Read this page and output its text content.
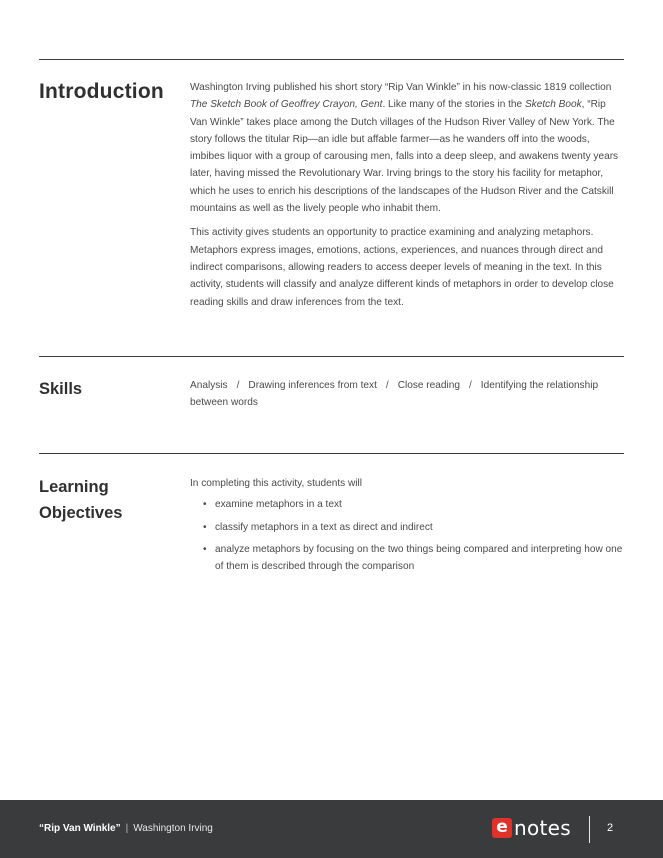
Introduction	Washington Irving published his short story “Rip Van Winkle” in his now-classic 1819 collection The Sketch Book of Geoffrey Crayon, Gent. Like many of the stories in the Sketch Book, “Rip Van Winkle” takes place among the Dutch villages of the Hudson River Valley of New York. The story follows the titular Rip—an idle but affable farmer—as he wanders off into the woods, imbibes liquor with a group of carousing men, falls into a deep sleep, and awakens twenty years later, having missed the Revolutionary War. Irving brings to the story his facility for metaphor, which he uses to enrich his descriptions of the landscapes of the Hudson River and the Catskill mountains as well as the lively people who inhabit them.

This activity gives students an opportunity to practice examining and analyzing metaphors. Metaphors express images, emotions, actions, experiences, and nuances through direct and indirect comparisons, allowing readers to access deeper levels of meaning in the text. In this activity, students will classify and analyze different kinds of metaphors in order to develop close reading skills and draw inferences from the text.

Skills	Analysis / Drawing inferences from text / Close reading / Identifying the relationship between words

Learning
Objectives

In completing this activity, students will

• examine metaphors in a text
• classify metaphors in a text as direct and indirect
• analyze metaphors by focusing on the two things being compared and interpreting how one of them is described through the comparison
“Rip Van Winkle” | Washington Irving	e notes	2
